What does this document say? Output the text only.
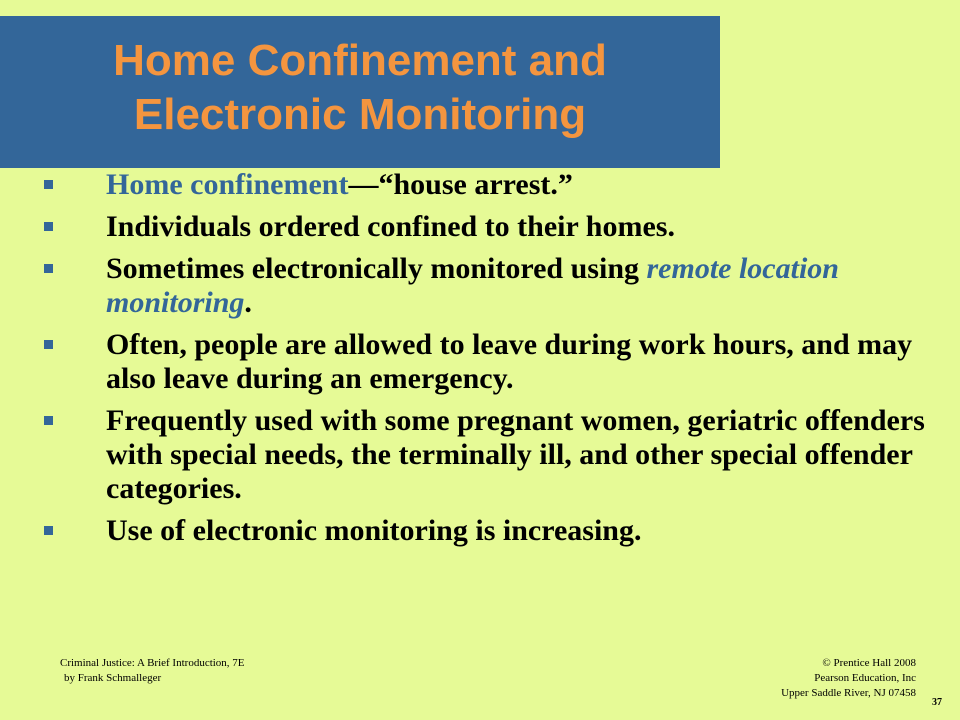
Home Confinement and
Electronic Monitoring
Home confinement—“house arrest.”
Individuals ordered confined to their homes.
Sometimes electronically monitored using remote location monitoring.
Often, people are allowed to leave during work hours, and may also leave during an emergency.
Frequently used with some pregnant women, geriatric offenders with special needs, the terminally ill, and other special offender categories.
Use of electronic monitoring is increasing.
Criminal Justice: A Brief Introduction, 7E
by Frank Schmalleger
© Prentice Hall 2008
Pearson Education, Inc
Upper Saddle River, NJ 07458
37
